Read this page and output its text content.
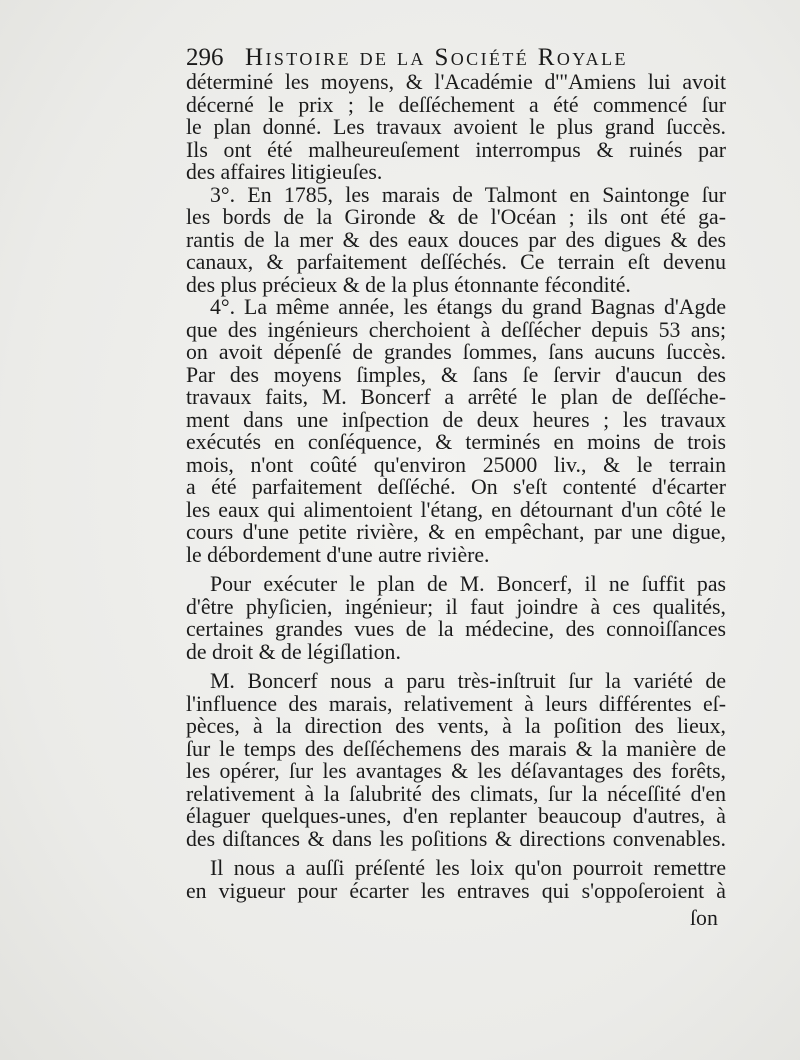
296 Histoire de la Société Royale
déterminé les moyens, & l'Académie d'"Amiens lui avoit
décerné le prix ; le deſſéchement a été commencé ſur
le plan donné. Les travaux avoient le plus grand ſuccès.
Ils ont été malheureuſement interrompus & ruinés par
des affaires litigieuſes.
3°. En 1785, les marais de Talmont en Saintonge ſur
les bords de la Gironde & de l'Océan ; ils ont été ga-
rantis de la mer & des eaux douces par des digues & des
canaux, & parfaitement deſſéchés. Ce terrain eſt devenu
des plus précieux & de la plus étonnante fécondité.
4°. La même année, les étangs du grand Bagnas d'Agde
que des ingénieurs cherchoient à deſſécher depuis 53 ans;
on avoit dépenſé de grandes ſommes, ſans aucuns ſuccès.
Par des moyens ſimples, & ſans ſe ſervir d'aucun des
travaux faits, M. Boncerf a arrêté le plan de deſſéche-
ment dans une inſpection de deux heures ; les travaux
exécutés en conſéquence, & terminés en moins de trois
mois, n'ont coûté qu'environ 25000 liv., & le terrain
a été parfaitement deſſéché. On s'eſt contenté d'écarter
les eaux qui alimentoient l'étang, en détournant d'un côté le
cours d'une petite rivière, & en empêchant, par une digue,
le débordement d'une autre rivière.
Pour exécuter le plan de M. Boncerf, il ne ſuffit pas
d'être phyſicien, ingénieur; il faut joindre à ces qualités,
certaines grandes vues de la médecine, des connoiſſances
de droit & de légiſlation.
M. Boncerf nous a paru très-inſtruit ſur la variété de
l'influence des marais, relativement à leurs différentes eſ-
pèces, à la direction des vents, à la poſition des lieux,
ſur le temps des deſſéchemens des marais & la manière de
les opérer, ſur les avantages & les déſavantages des forêts,
relativement à la ſalubrité des climats, ſur la néceſſité d'en
élaguer quelques-unes, d'en replanter beaucoup d'autres, à
des diſtances & dans les poſitions & directions convenables.
Il nous a auſſi préſenté les loix qu'on pourroit remettre
en vigueur pour écarter les entraves qui s'oppoſeroient à
ſon
